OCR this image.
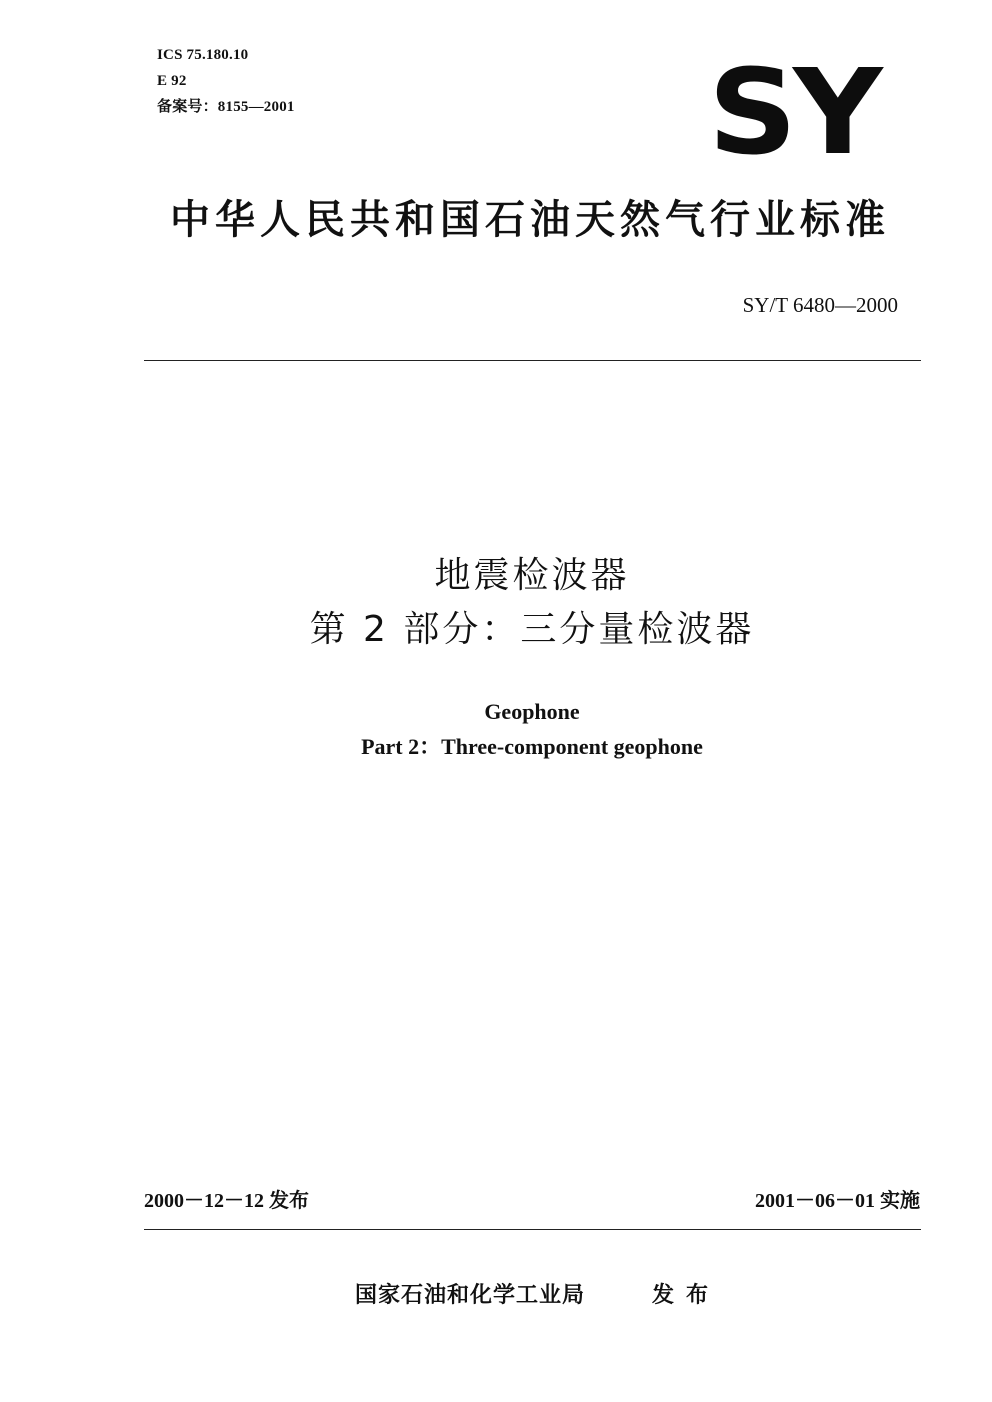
ICS 75.180.10
E 92
备案号：8155—2001	SY
中华人民共和国石油天然气行业标准
SY/T 6480—2000
地震检波器
第 2 部分：三分量检波器
Geophone
Part 2：Three-component geophone
2000－12－12 发布	2001－06－01 实施
国家石油和化学工业局	发布
